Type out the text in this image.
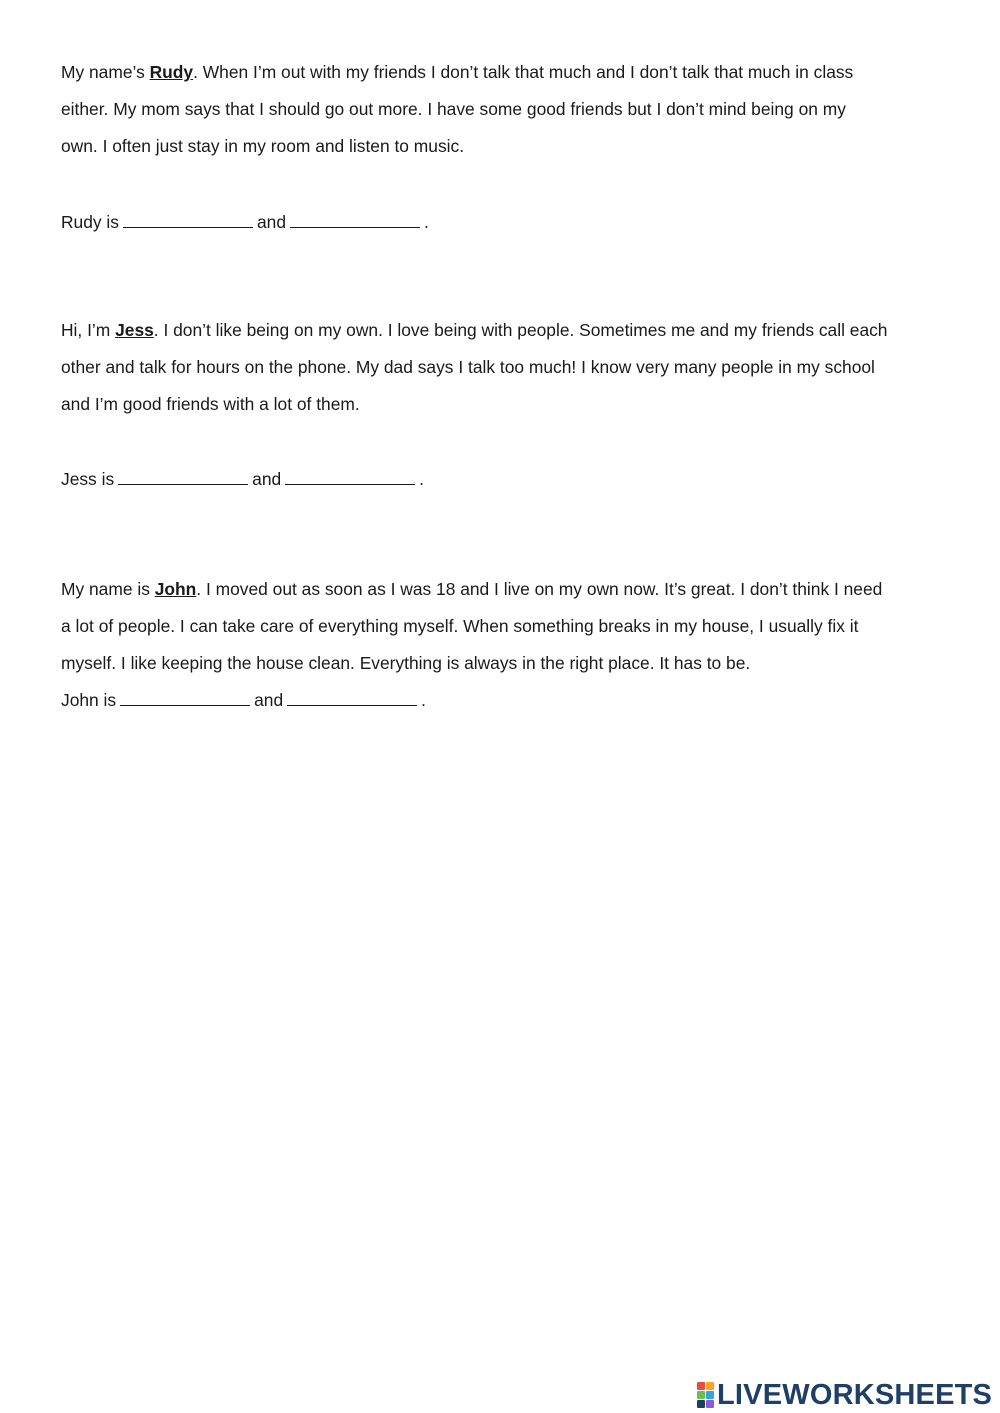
My name’s Rudy. When I’m out with my friends I don’t talk that much and I don’t talk that much in class
either. My mom says that I should go out more. I have some good friends but I don’t mind being on my
own. I often just stay in my room and listen to music.

Rudy is	and	.

Hi, I’m Jess. I don’t like being on my own. I love being with people. Sometimes me and my friends call each
other and talk for hours on the phone. My dad says I talk too much! I know very many people in my school
and I’m good friends with a lot of them.

Jess is	and	.

My name is John. I moved out as soon as I was 18 and I live on my own now. It’s great. I don’t think I need
a lot of people. I can take care of everything myself. When something breaks in my house, I usually fix it
myself. I like keeping the house clean. Everything is always in the right place. It has to be.

John is	and	.

LIVEWORKSHEETS
